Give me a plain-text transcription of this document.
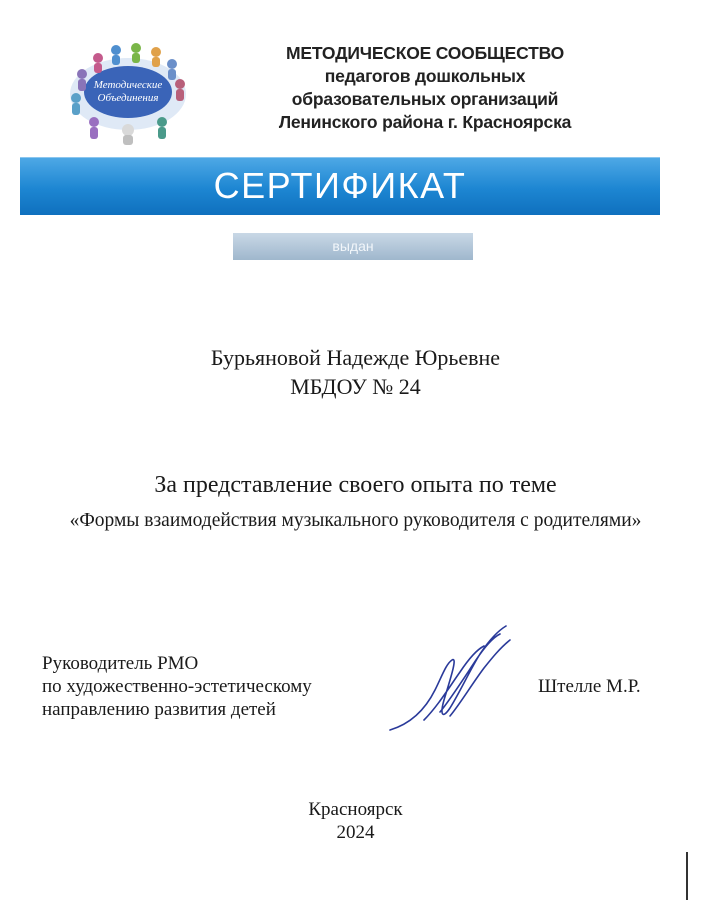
Методические
Объединения
МЕТОДИЧЕСКОЕ СООБЩЕСТВО
педагогов дошкольных
образовательных организаций
Ленинского района г. Красноярска
СЕРТИФИКАТ
выдан
Бурьяновой Надежде Юрьевне
МБДОУ № 24
За представление своего опыта по теме
«Формы взаимодействия музыкального руководителя с родителями»
Руководитель РМО
по художественно-эстетическому
направлению развития детей
Штелле М.Р.
Красноярск
2024
